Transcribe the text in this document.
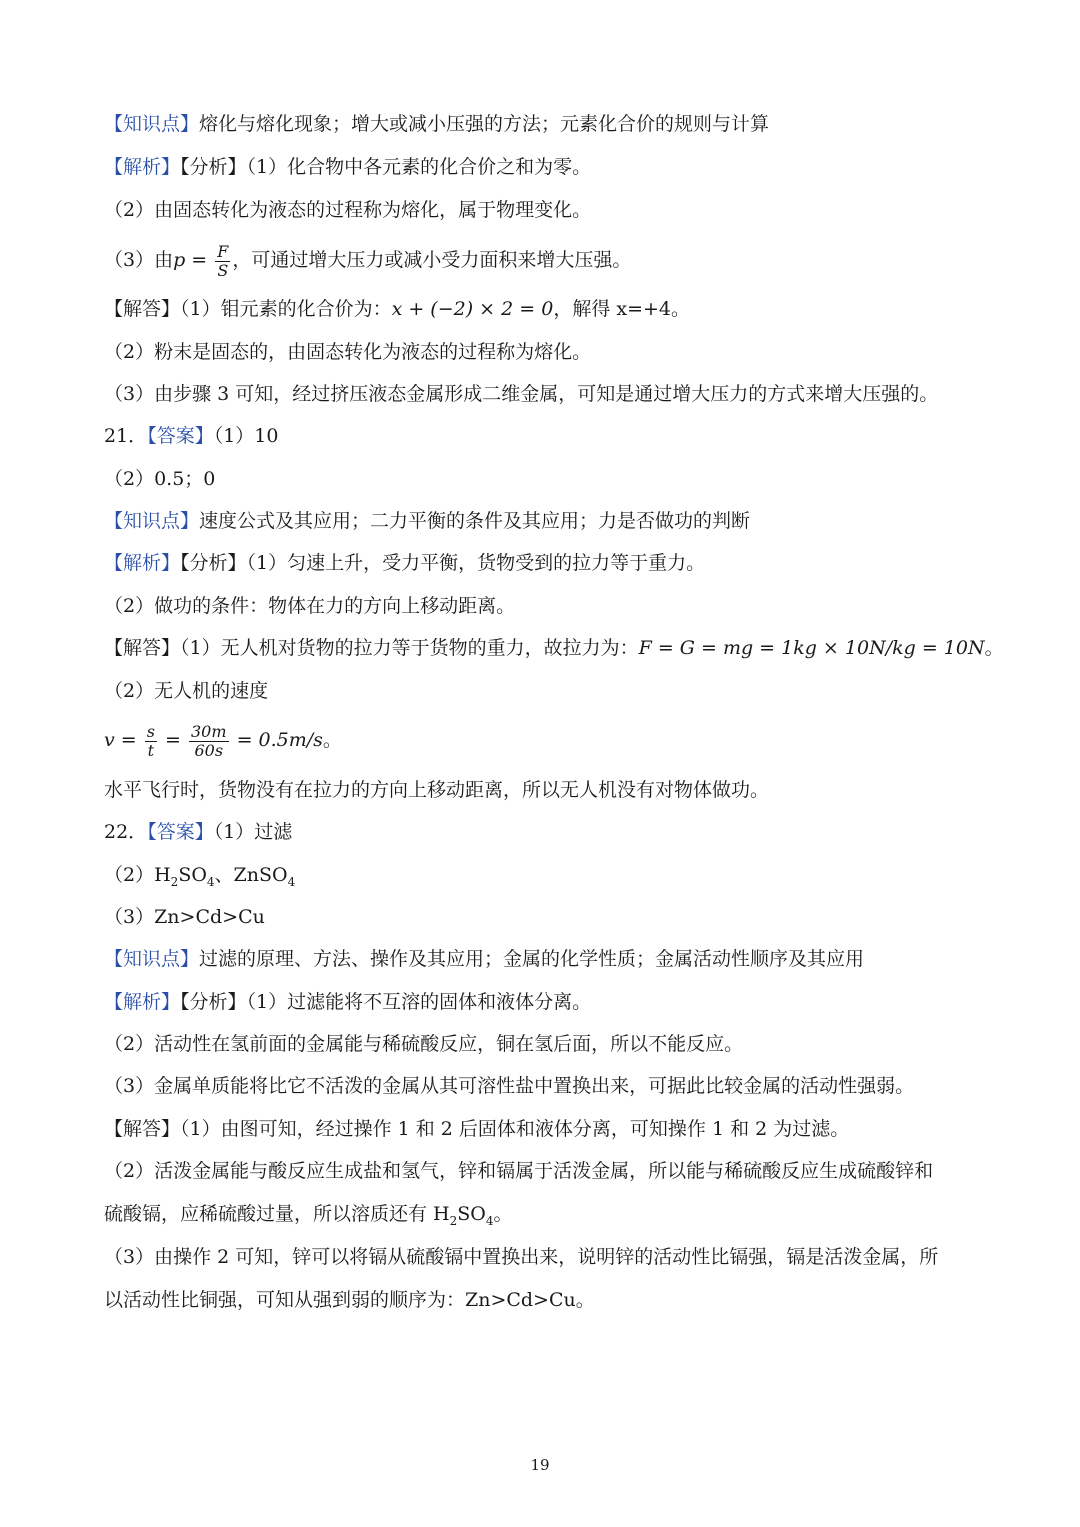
【知识点】熔化与熔化现象；增大或减小压强的方法；元素化合价的规则与计算
【解析】【分析】（1）化合物中各元素的化合价之和为零。
（2）由固态转化为液态的过程称为熔化，属于物理变化。
（3）由$p = \frac{F}{S}$ ，可通过增大压力或减小受力面积来增大压强。
【解答】（1）钼元素的化合价为：x + (−2) × 2 = 0，解得 x=+4。
（2）粉末是固态的，由固态转化为液态的过程称为熔化。
（3）由步骤 3 可知，经过挤压液态金属形成二维金属，可知是通过增大压力的方式来增大压强的。
21．【答案】（1）10
（2）0.5；0
【知识点】速度公式及其应用；二力平衡的条件及其应用；力是否做功的判断
【解析】【分析】（1）匀速上升，受力平衡，货物受到的拉力等于重力。
（2）做功的条件：物体在力的方向上移动距离。
【解答】（1）无人机对货物的拉力等于货物的重力，故拉力为：F = G = mg = 1kg × 10N/kg = 10N。
（2）无人机的速度
$v = \frac{s}{t} = \frac{30m}{60s} = 0.5m/s$。
水平飞行时，货物没有在拉力的方向上移动距离，所以无人机没有对物体做功。
22．【答案】（1）过滤
$(2)H_2SO_4$、ZnSO$_4$
（3）Zn>Cd>Cu
【知识点】过滤的原理、方法、操作及其应用；金属的化学性质；金属活动性顺序及其应用
【解析】【分析】（1）过滤能将不互溶的固体和液体分离。
（2）活动性在氢前面的金属能与稀硫酸反应，铜在氢后面，所以不能反应。
（3）金属单质能将比它不活泼的金属从其可溶性盐中置换出来，可据此比较金属的活动性强弱。
【解答】（1）由图可知，经过操作 1 和 2 后固体和液体分离，可知操作 1 和 2 为过滤。
（2）活泼金属能与酸反应生成盐和氢气，锌和镉属于活泼金属，所以能与稀硫酸反应生成硫酸锌和
硫酸镉，应稀硫酸过量，所以溶质还有 $H_2SO_4$。
（3）由操作 2 可知，锌可以将镉从硫酸镉中置换出来，说明锌的活动性比镉强，镉是活泼金属，所
以活动性比铜强，可知从强到弱的顺序为：Zn>Cd>Cu。
19
